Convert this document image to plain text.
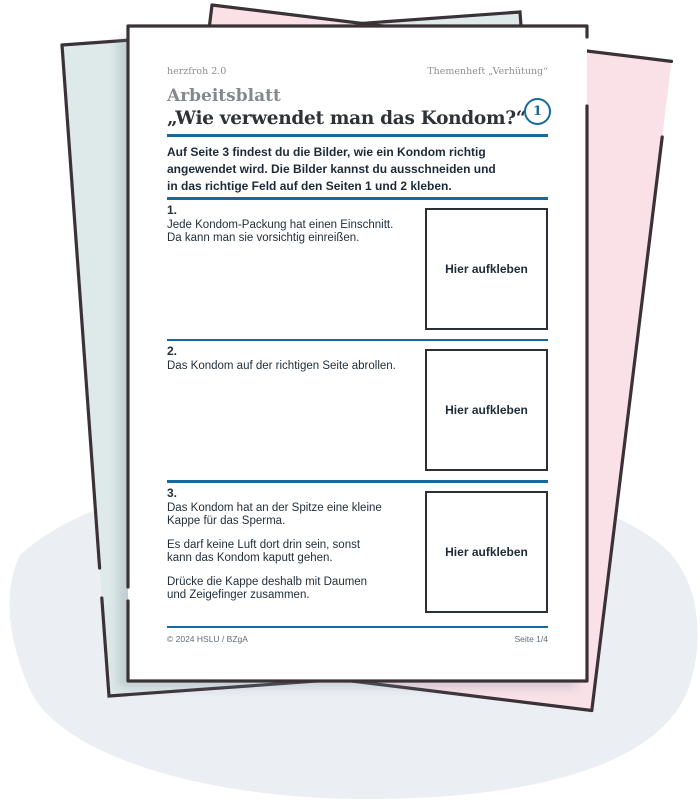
herzfroh 2.0	Themenheft „Verhütung“
Arbeitsblatt
„Wie verwendet man das Kondom?“ 1
Auf Seite 3 findest du die Bilder, wie ein Kondom richtig
angewendet wird. Die Bilder kannst du ausschneiden und
in das richtige Feld auf den Seiten 1 und 2 kleben.
1.
Jede Kondom-Packung hat einen Einschnitt.
Da kann man sie vorsichtig einreißen.
Hier aufkleben
2.
Das Kondom auf der richtigen Seite abrollen.
Hier aufkleben
3.
Das Kondom hat an der Spitze eine kleine
Kappe für das Sperma.
Es darf keine Luft dort drin sein, sonst
kann das Kondom kaputt gehen.
Drücke die Kappe deshalb mit Daumen
und Zeigefinger zusammen.
Hier aufkleben
© 2024 HSLU / BZgA	Seite 1/4
